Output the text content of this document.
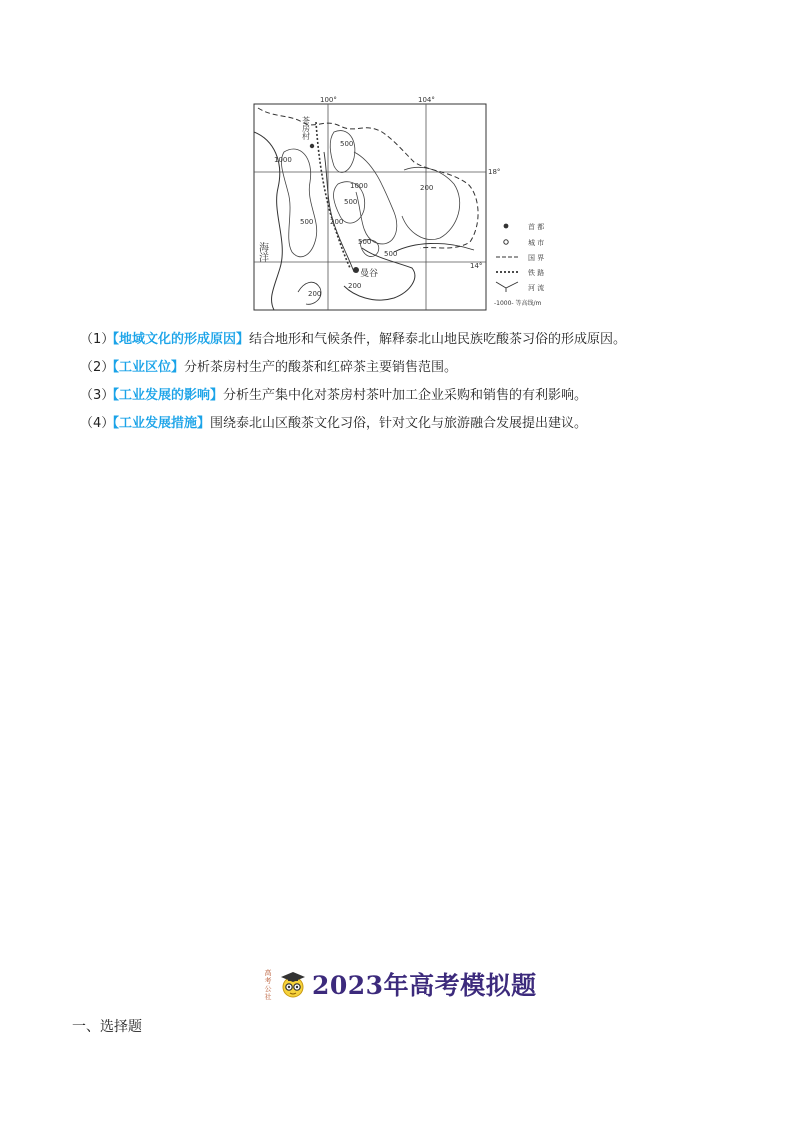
100°	104°
18°
14°
茶房村
海洋
曼谷
500
1000
1000
500
200
500
200
500
500
200
200
首 都
城 市
国 界
铁 路
河 流
-1000- 等高线/m
（1）【地域文化的形成原因】结合地形和气候条件，解释泰北山地民族吃酸茶习俗的形成原因。
（2）【工业区位】分析茶房村生产的酸茶和红碎茶主要销售范围。
（3）【工业发展的影响】分析生产集中化对茶房村茶叶加工企业采购和销售的有利影响。
（4）【工业发展措施】围绕泰北山区酸茶文化习俗，针对文化与旅游融合发展提出建议。
高
考
公
社 2023年高考模拟题
一、选择题
